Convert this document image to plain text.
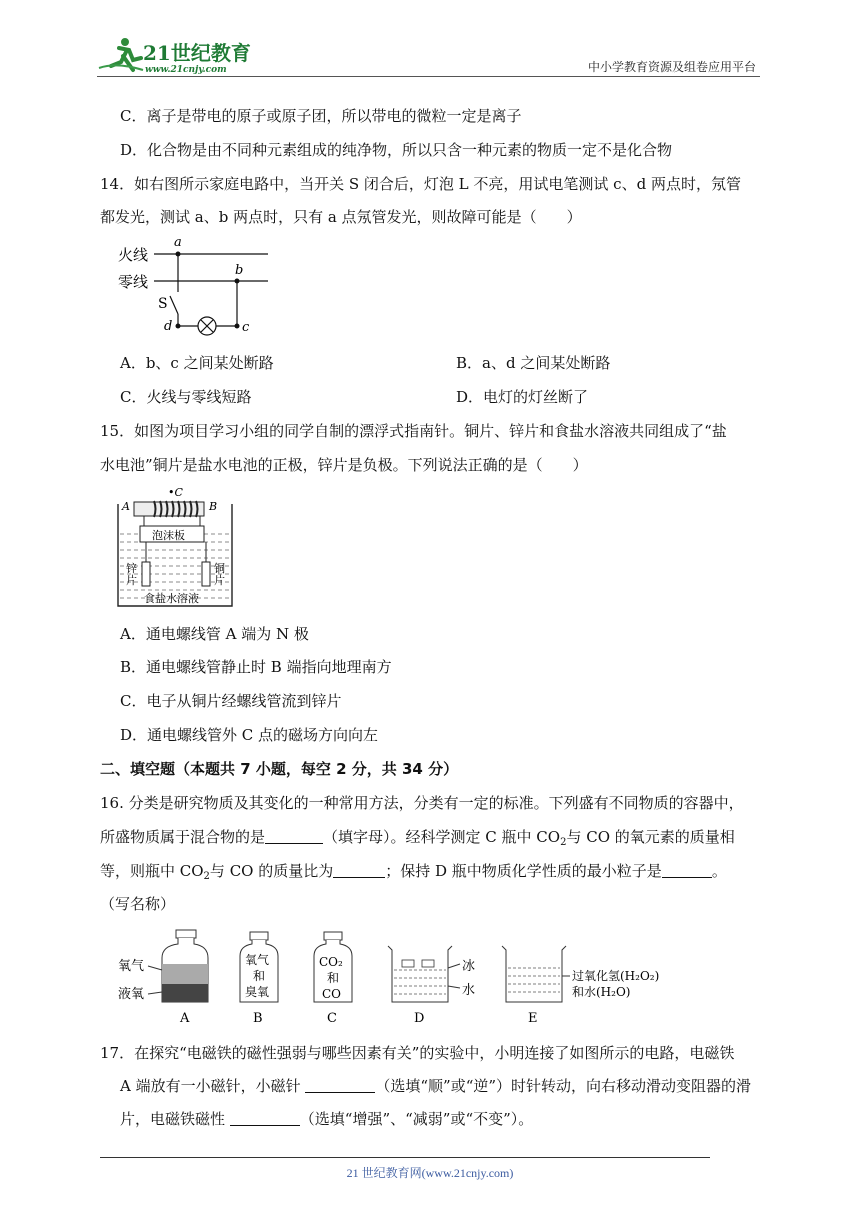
21世纪教育
www.21cnjy.com	中小学教育资源及组卷应用平台
C．离子是带电的原子或原子团，所以带电的微粒一定是离子
D．化合物是由不同种元素组成的纯净物，所以只含一种元素的物质一定不是化合物
14．如右图所示家庭电路中，当开关 S 闭合后，灯泡 L 不亮，用试电笔测试 c、d 两点时，氖管
都发光，测试 a、b 两点时，只有 a 点氖管发光，则故障可能是（　　）
火线
零线
a
b
S
d	c
A．b、c 之间某处断路	B．a、d 之间某处断路
C．火线与零线短路	D．电灯的灯丝断了
15．如图为项目学习小组的同学自制的漂浮式指南针。铜片、锌片和食盐水溶液共同组成了“盐
水电池”铜片是盐水电池的正极，锌片是负极。下列说法正确的是（　　）
•C
A	B
泡沫板
锌
片
铜
片
食盐水溶液
A．通电螺线管 A 端为 N 极
B．通电螺线管静止时 B 端指向地理南方
C．电子从铜片经螺线管流到锌片
D．通电螺线管外 C 点的磁场方向向左
二、填空题（本题共 7 小题，每空 2 分，共 34 分）
16. 分类是研究物质及其变化的一种常用方法，分类有一定的标准。下列盛有不同物质的容器中，
所盛物质属于混合物的是	（填字母）。经科学测定 C 瓶中 $CO_2$与 CO 的氧元素的质量相
等，则瓶中 $CO_2$与 CO 的质量比为	；保持 D 瓶中物质化学性质的最小粒子是	。
（写名称）
氧气
液氧
A
氧气
和
臭氧
B
CO₂
和
CO
C
冰
水
D
过氧化氢(H₂O₂)
和水(H₂O)
E
17．在探究“电磁铁的磁性强弱与哪些因素有关”的实验中，小明连接了如图所示的电路，电磁铁
A 端放有一小磁针，小磁针	（选填“顺”或“逆”）时针转动，向右移动滑动变阻器的滑
片，电磁铁磁性	（选填“增强”、“减弱”或“不变”）。
21 世纪教育网(www.21cnjy.com)
